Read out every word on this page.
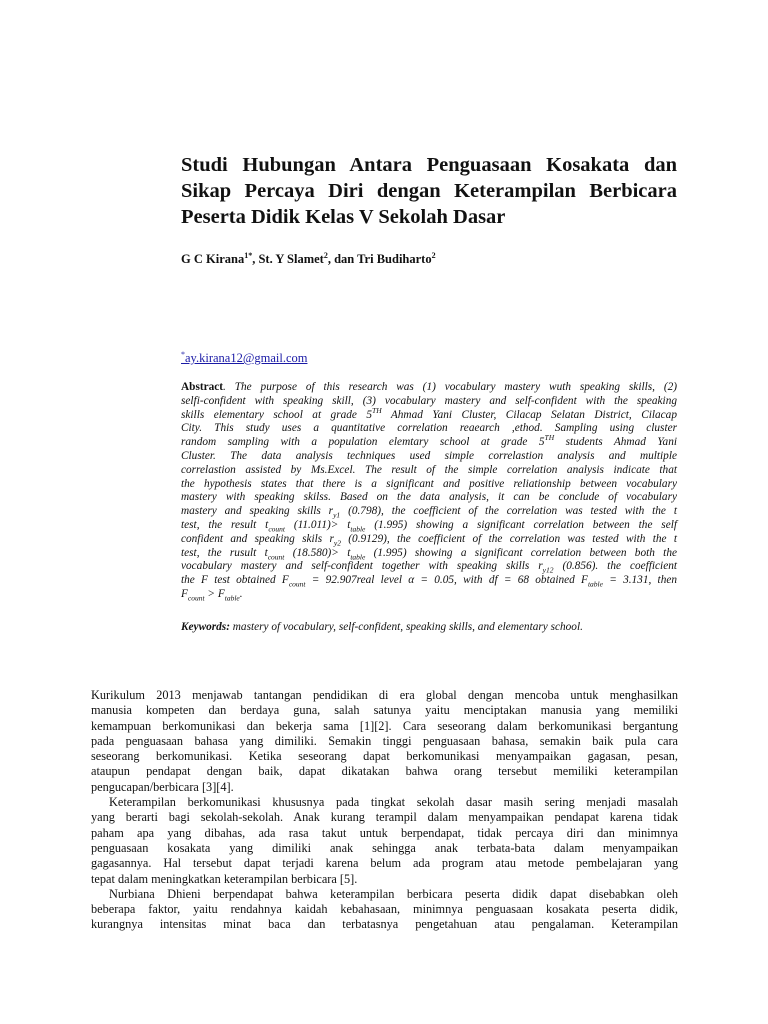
Studi Hubungan Antara Penguasaan Kosakata dan
Sikap Percaya Diri dengan Keterampilan Berbicara
Peserta Didik Kelas V Sekolah Dasar
G C Kirana$^{1*}$, St. Y Slamet$^2$, dan Tri Budiharto$^2$
*ay.kirana12@gmail.com
Abstract. The purpose of this research was (1) vocabulary mastery wuth speaking skills, (2)
selfi-confident with speaking skill, (3) vocabulary mastery and self-confident with the speaking
skills elementary school at grade 5TH Ahmad Yani Cluster, Cilacap Selatan District, Cilacap
City. This study uses a quantitative correlation reaearch ,ethod. Sampling using cluster
random sampling with a population elemtary school at grade 5TH students Ahmad Yani
Cluster. The data analysis techniques used simple correlastion analysis and multiple
correlastion assisted by Ms.Excel. The result of the simple correlation analysis indicate that
the hypothesis states that there is a significant and positive reliationship between vocabulary
mastery with speaking skilss. Based on the data analysis, it can be conclude of vocabulary
mastery and speaking skills $r_{y1}$ (0.798), the coefficient of the correlation was tested with the t
test, the result $t_{count}$ $(11.011)> t_{table}$ (1.995) showing a significant correlation between the self
confident and speaking skils $r_{y2}$ (0.9129), the coefficient of the correlation was tested with the t
test, the rusult $t_{count}$ $(18.580)> t_{table}$ (1.995) showing a significant correlation between both the
vocabulary mastery and self-confident together with speaking skills $r_{y12}$ (0.856). the coefficient
the F test obtained $F_{count}$ = 92.907real level α = 0.05, with df = 68 obtained $F_{table} = 3.131$, then
$F_{count} > F_{table}$.
Keywords: mastery of vocabulary, self-confident, speaking skills, and elementary school.
Kurikulum 2013 menjawab tantangan pendidikan di era global dengan mencoba untuk menghasilkan
manusia kompeten dan berdaya guna, salah satunya yaitu menciptakan manusia yang memiliki
kemampuan berkomunikasi dan bekerja sama [1][2]. Cara seseorang dalam berkomunikasi bergantung
pada penguasaan bahasa yang dimiliki. Semakin tinggi penguasaan bahasa, semakin baik pula cara
seseorang berkomunikasi. Ketika seseorang dapat berkomunikasi menyampaikan gagasan, pesan,
ataupun pendapat dengan baik, dapat dikatakan bahwa orang tersebut memiliki keterampilan
pengucapan/berbicara [3][4].
Keterampilan berkomunikasi khususnya pada tingkat sekolah dasar masih sering menjadi masalah
yang berarti bagi sekolah-sekolah. Anak kurang terampil dalam menyampaikan pendapat karena tidak
paham apa yang dibahas, ada rasa takut untuk berpendapat, tidak percaya diri dan minimnya
penguasaan kosakata yang dimiliki anak sehingga anak terbata-bata dalam menyampaikan
gagasannya. Hal tersebut dapat terjadi karena belum ada program atau metode pembelajaran yang
tepat dalam meningkatkan keterampilan berbicara [5].
Nurbiana Dhieni berpendapat bahwa keterampilan berbicara peserta didik dapat disebabkan oleh
beberapa faktor, yaitu rendahnya kaidah kebahasaan, minimnya penguasaan kosakata peserta didik,
kurangnya intensitas minat baca dan terbatasnya pengetahuan atau pengalaman. Keterampilan
